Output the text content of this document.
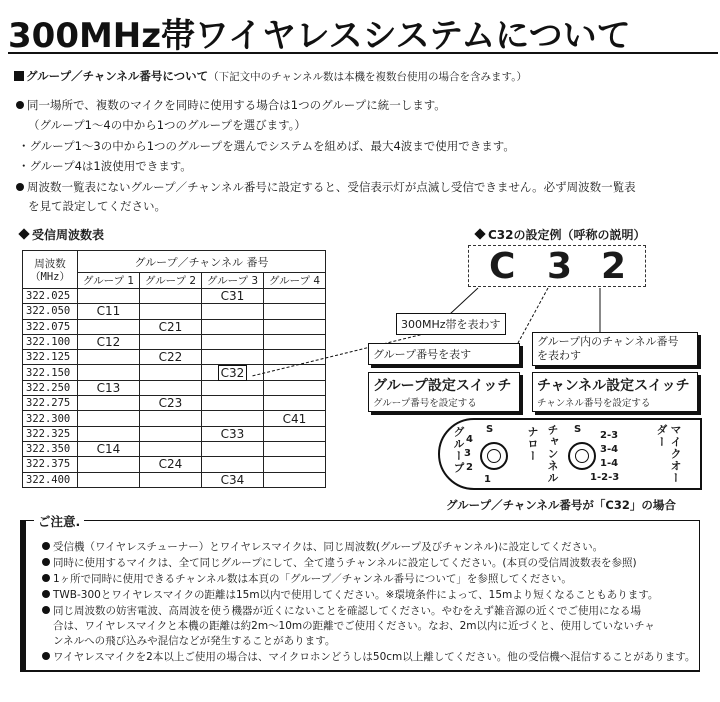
300MHz帯ワイヤレスシステムについて
グループ／チャンネル番号について（下記文中のチャンネル数は本機を複数台使用の場合を含みます。）
同一場所で、複数のマイクを同時に使用する場合は1つのグループに統一します。
（グループ1〜4の中から1つのグループを選びます。）
・グループ1〜3の中から1つのグループを選んでシステムを組めば、最大4波まで使用できます。
・グループ4は1波使用できます。
周波数一覧表にないグループ／チャンネル番号に設定すると、受信表示灯が点滅し受信できません。必ず周波数一覧表
を見て設定してください。
受信周波数表
周波数
（MHz）	グループ／チャンネル 番号			
	グループ 1	グループ 2	グループ 3	グループ 4
322.025			C31	
322.050	C11			
322.075		C21		
322.100	C12			
322.125		C22		
322.150			C32	
322.250	C13			
322.275		C23		
322.300				C41
322.325			C33	
322.350	C14			
322.375		C24		
322.400			C34	
C32の設定例（呼称の説明）
C 3 2
300MHz帯を表わす
グループ番号を表す
グループ内のチャンネル番号
を表わす
グループ設定スイッチ
グループ番号を設定する
チャンネル設定スイッチ
チャンネル番号を設定する
グループ S
4
3
2
1
ナロー チャンネル S
2-3
3-4
1-4
1-2-3	マイクオーダー
グループ／チャンネル番号が「C32」の場合
ご注意.
受信機（ワイヤレスチューナー）とワイヤレスマイクは、同じ周波数(グループ及びチャンネル)に設定してください。
同時に使用するマイクは、全て同じグループにして、全て違うチャンネルに設定してください。(本頁の受信周波数表を参照)
1ヶ所で同時に使用できるチャンネル数は本頁の「グループ／チャンネル番号について」を参照してください。
TWB-300とワイヤレスマイクの距離は15m以内で使用してください。※環境条件によって、15mより短くなることもあります。
同じ周波数の妨害電波、高周波を使う機器が近くにないことを確認してください。やむをえず雑音源の近くでご使用になる場
合は、ワイヤレスマイクと本機の距離は約2m〜10mの距離でご使用ください。なお、2m以内に近づくと、使用していないチャ
ンネルへの飛び込みや混信などが発生することがあります。
ワイヤレスマイクを2本以上ご使用の場合は、マイクロホンどうしは50cm以上離してください。他の受信機へ混信することがあります。
